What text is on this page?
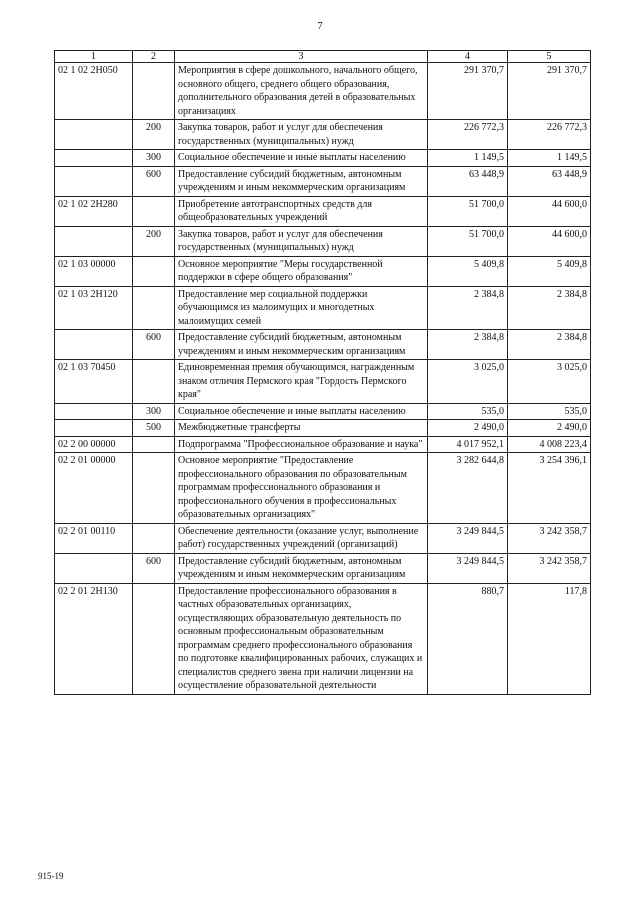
7
1	2	3	4	5
02 1 02 2Н050		Мероприятия в сфере дошкольного, начального общего, основного общего, среднего общего образования, дополнительного образования детей в образовательных организациях	291 370,7	291 370,7
	200	Закупка товаров, работ и услуг для обеспечения государственных (муниципальных) нужд	226 772,3	226 772,3
	300	Социальное обеспечение и иные выплаты населению	1 149,5	1 149,5
	600	Предоставление субсидий бюджетным, автономным учреждениям и иным некоммерческим организациям	63 448,9	63 448,9
02 1 02 2Н280		Приобретение автотранспортных средств для общеобразовательных учреждений	51 700,0	44 600,0
	200	Закупка товаров, работ и услуг для обеспечения государственных (муниципальных) нужд	51 700,0	44 600,0
02 1 03 00000		Основное мероприятие "Меры государственной поддержки в сфере общего образования"	5 409,8	5 409,8
02 1 03 2Н120		Предоставление мер социальной поддержки обучающимся из малоимущих и многодетных малоимущих семей	2 384,8	2 384,8
	600	Предоставление субсидий бюджетным, автономным учреждениям и иным некоммерческим организациям	2 384,8	2 384,8
02 1 03 70450		Единовременная премия обучающимся, награжденным знаком отличия Пермского края "Гордость Пермского края"	3 025,0	3 025,0
	300	Социальное обеспечение и иные выплаты населению	535,0	535,0
	500	Межбюджетные трансферты	2 490,0	2 490,0
02 2 00 00000		Подпрограмма "Профессиональное образование и наука"	4 017 952,1	4 008 223,4
02 2 01 00000		Основное мероприятие "Предоставление профессионального образования по образовательным программам профессионального образования и профессионального обучения в профессиональных образовательных организациях"	3 282 644,8	3 254 396,1
02 2 01 00110		Обеспечение деятельности (оказание услуг, выполнение работ) государственных учреждений (организаций)	3 249 844,5	3 242 358,7
	600	Предоставление субсидий бюджетным, автономным учреждениям и иным некоммерческим организациям	3 249 844,5	3 242 358,7
02 2 01 2Н130		Предоставление профессионального образования в частных образовательных организациях, осуществляющих образовательную деятельность по основным профессиональным образовательным программам среднего профессионального образования по подготовке квалифицированных рабочих, служащих и специалистов среднего звена при наличии лицензии на осуществление образовательной деятельности	880,7	117,8
915-19
